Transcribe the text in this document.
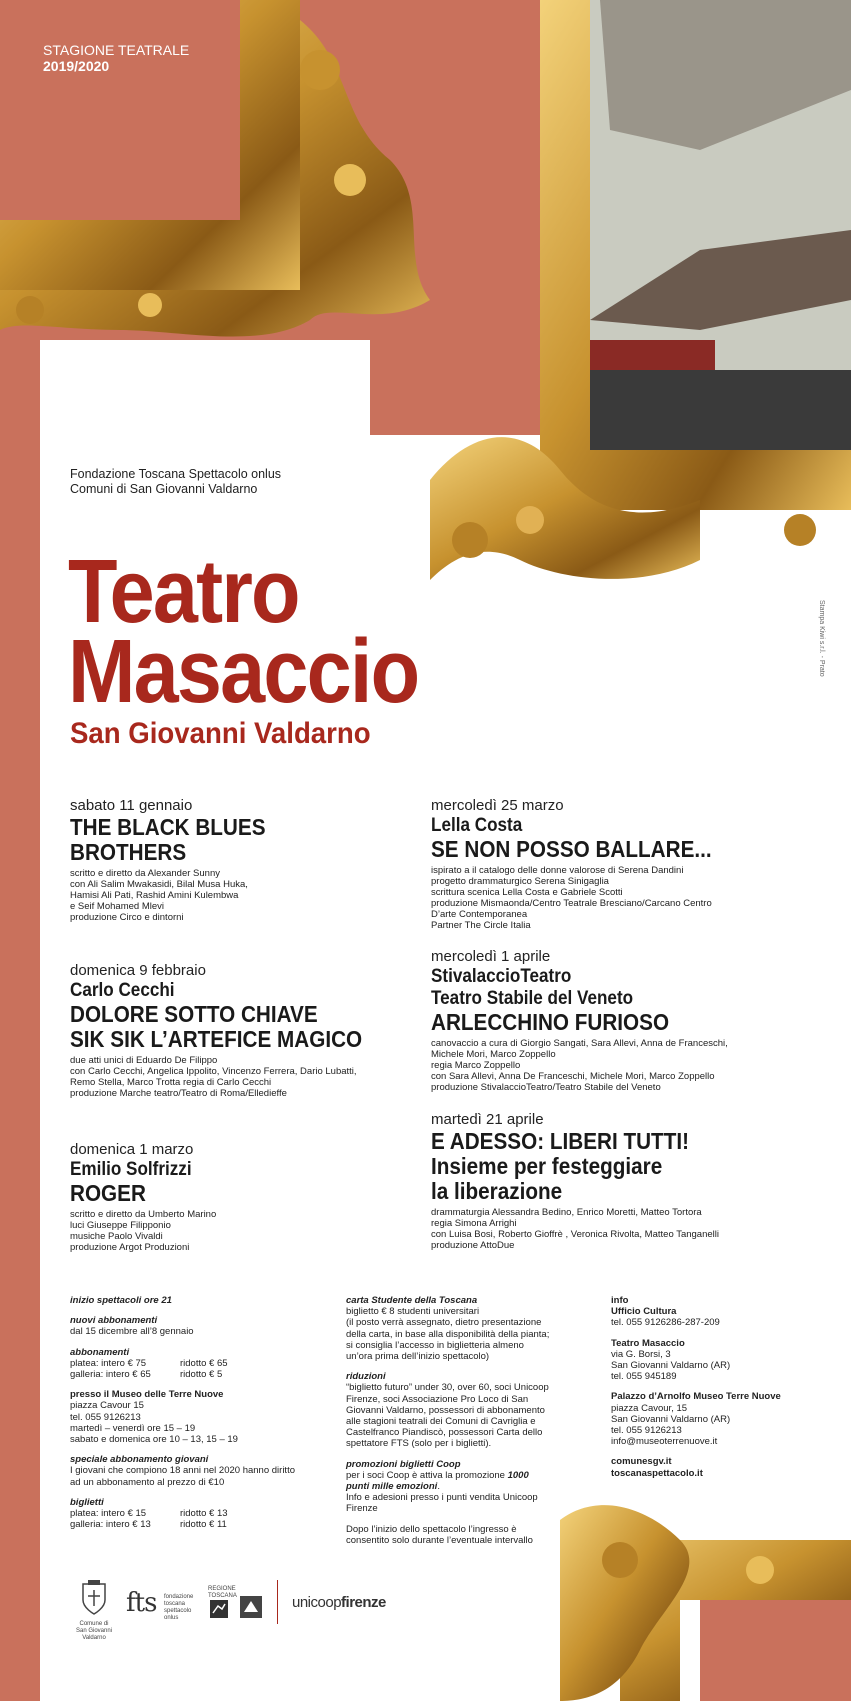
STAGIONE TEATRALE
2019/2020
Fondazione Toscana Spettacolo onlus
Comuni di San Giovanni Valdarno
Teatro
Masaccio
San Giovanni Valdarno
Stampa Kiwi s.r.l. - Prato
sabato 11 gennaio
THE BLACK BLUES
BROTHERS
scritto e diretto da Alexander Sunny
con Ali Salim Mwakasidi, Bilal Musa Huka,
Hamisi Ali Pati, Rashid Amini Kulembwa
e Seif Mohamed Mlevi
produzione Circo e dintorni
domenica 9 febbraio
Carlo Cecchi
DOLORE SOTTO CHIAVE
SIK SIK L’ARTEFICE MAGICO
due atti unici di Eduardo De Filippo
con Carlo Cecchi, Angelica Ippolito, Vincenzo Ferrera, Dario Lubatti,
Remo Stella, Marco Trotta regia di Carlo Cecchi
produzione Marche teatro/Teatro di Roma/Elledieffe
domenica 1 marzo
Emilio Solfrizzi
ROGER
scritto e diretto da Umberto Marino
luci Giuseppe Filipponio
musiche Paolo Vivaldi
produzione Argot Produzioni
mercoledì 25 marzo
Lella Costa
SE NON POSSO BALLARE...
ispirato a il catalogo delle donne valorose di Serena Dandini
progetto drammaturgico Serena Sinigaglia
scrittura scenica Lella Costa e Gabriele Scotti
produzione Mismaonda/Centro Teatrale Bresciano/Carcano Centro
D’arte Contemporanea
Partner The Circle Italia
mercoledì 1 aprile
StivalaccioTeatro
Teatro Stabile del Veneto
ARLECCHINO FURIOSO
canovaccio a cura di Giorgio Sangati, Sara Allevi, Anna de Franceschi,
Michele Mori, Marco Zoppello
regia Marco Zoppello
con Sara Allevi, Anna De Franceschi, Michele Mori, Marco Zoppello
produzione StivalaccioTeatro/Teatro Stabile del Veneto
martedì 21 aprile
E ADESSO: LIBERI TUTTI!
Insieme per festeggiare
la liberazione
drammaturgia Alessandra Bedino, Enrico Moretti, Matteo Tortora
regia Simona Arrighi
con Luisa Bosi, Roberto Gioffrè , Veronica Rivolta, Matteo Tanganelli
produzione AttoDue
inizio spettacoli ore 21
nuovi abbonamenti
dal 15 dicembre all’8 gennaio
abbonamenti
platea: intero € 75	ridotto € 65
galleria: intero € 65	ridotto € 5
presso il Museo delle Terre Nuove
piazza Cavour 15
tel. 055 9126213
martedì – venerdì ore 15 – 19
sabato e domenica ore 10 – 13, 15 – 19
speciale abbonamento giovani
I giovani che compiono 18 anni nel 2020 hanno diritto
ad un abbonamento al prezzo di €10
biglietti
platea: intero € 15	ridotto € 13
galleria: intero € 13	ridotto € 11
carta Studente della Toscana
biglietto € 8 studenti universitari
(il posto verrà assegnato, dietro presentazione
della carta, in base alla disponibilità della pianta;
si consiglia l’accesso in biglietteria almeno
un’ora prima dell’inizio spettacolo)
riduzioni
“biglietto futuro” under 30, over 60, soci Unicoop
Firenze, soci Associazione Pro Loco di San
Giovanni Valdarno, possessori di abbonamento
alle stagioni teatrali dei Comuni di Cavriglia e
Castelfranco Piandiscò, possessori Carta dello
spettatore FTS (solo per i biglietti).
promozioni biglietti Coop
per i soci Coop è attiva la promozione 1000
punti mille emozioni.
Info e adesioni presso i punti vendita Unicoop
Firenze
Dopo l’inizio dello spettacolo l’ingresso è
consentito solo durante l’eventuale intervallo
info
Ufficio Cultura
tel. 055 9126286-287-209
Teatro Masaccio
via G. Borsi, 3
San Giovanni Valdarno (AR)
tel. 055 945189
Palazzo d’Arnolfo Museo Terre Nuove
piazza Cavour, 15
San Giovanni Valdarno (AR)
tel. 055 9126213
info@museoterrenuove.it
comunesgv.it
toscanaspettacolo.it
Comune di
San Giovanni
Valdarno
fts fondazione
toscana
spettacolo
onlus
REGIONE
TOSCANA	unicoopfirenze
